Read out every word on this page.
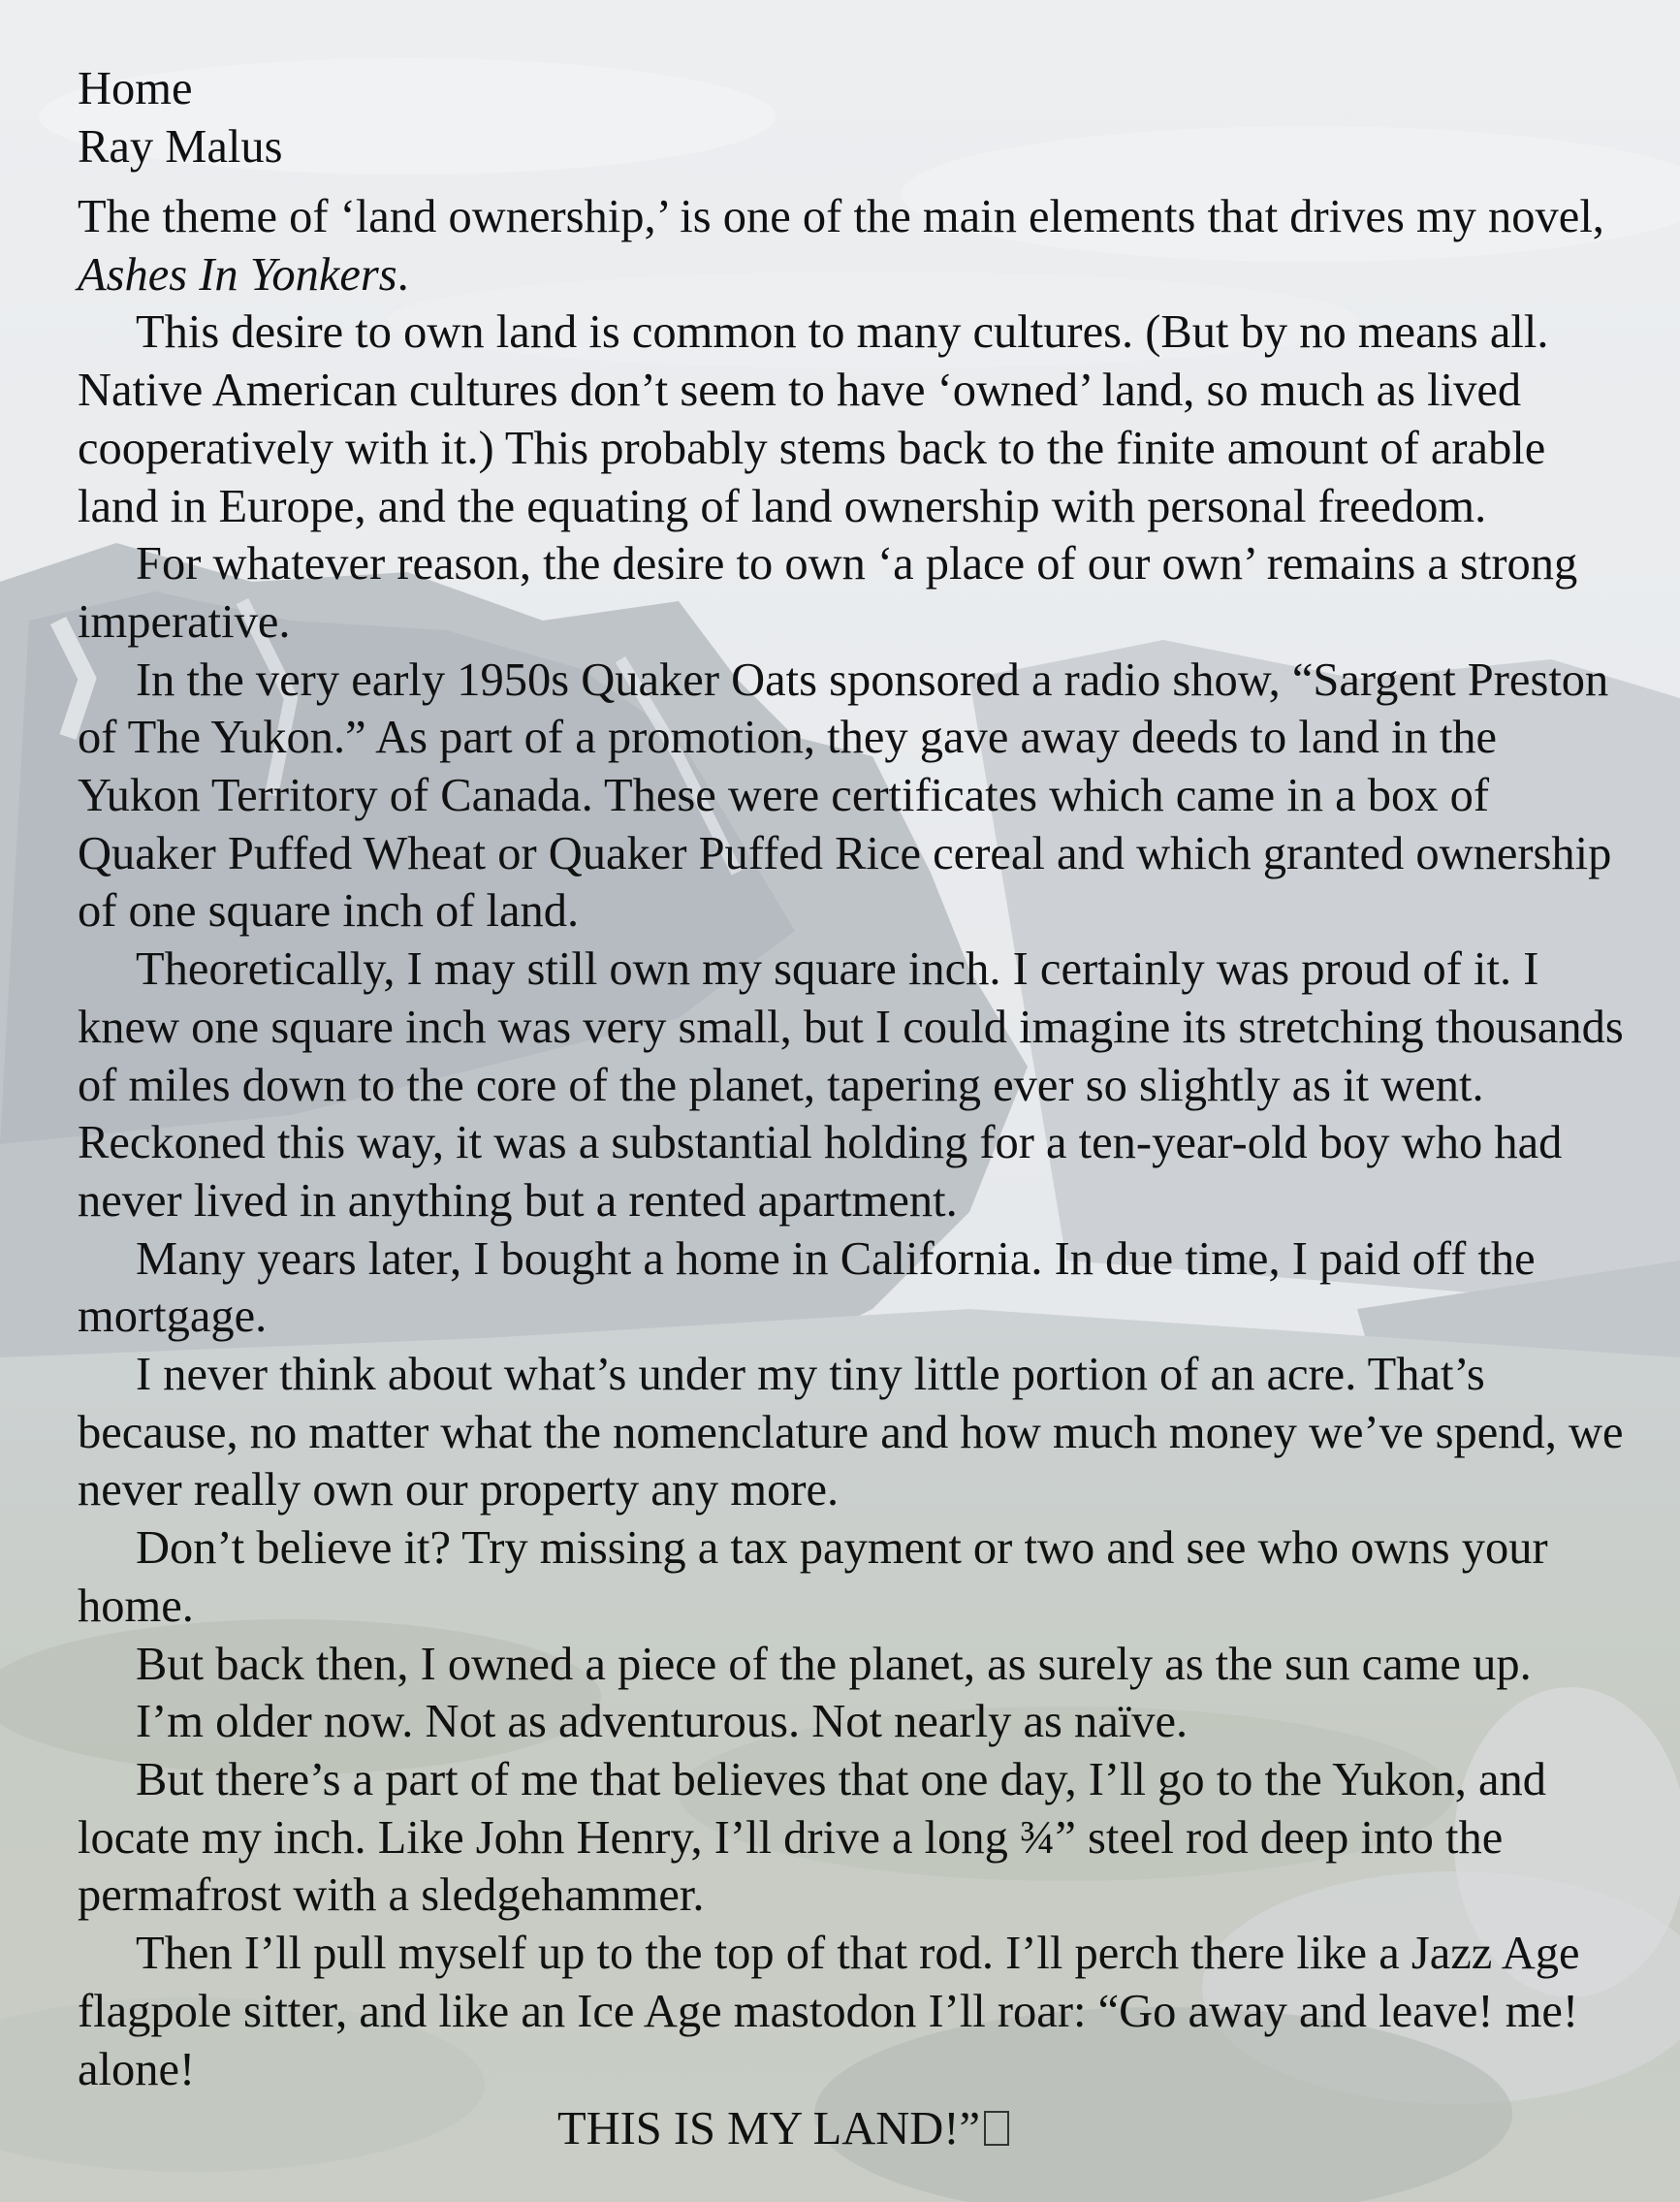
Home
Ray Malus

The theme of ‘land ownership,’ is one of the main elements that drives my novel, Ashes In Yonkers.

This desire to own land is common to many cultures. (But by no means all. Native American cultures don’t seem to have ‘owned’ land, so much as lived cooperatively with it.) This probably stems back to the finite amount of arable land in Europe, and the equating of land ownership with personal freedom.

For whatever reason, the desire to own ‘a place of our own’ remains a strong imperative.

In the very early 1950s Quaker Oats sponsored a radio show, “Sargent Preston of The Yukon.” As part of a promotion, they gave away deeds to land in the Yukon Territory of Canada. These were certificates which came in a box of Quaker Puffed Wheat or Quaker Puffed Rice cereal and which granted ownership of one square inch of land.

Theoretically, I may still own my square inch. I certainly was proud of it. I knew one square inch was very small, but I could imagine its stretching thousands of miles down to the core of the planet, tapering ever so slightly as it went. Reckoned this way, it was a substantial holding for a ten-year-old boy who had never lived in anything but a rented apartment.

Many years later, I bought a home in California. In due time, I paid off the mortgage.

I never think about what’s under my tiny little portion of an acre. That’s because, no matter what the nomenclature and how much money we’ve spend, we never really own our property any more.

Don’t believe it? Try missing a tax payment or two and see who owns your home.

But back then, I owned a piece of the planet, as surely as the sun came up.

I’m older now. Not as adventurous. Not nearly as naïve.

But there’s a part of me that believes that one day, I’ll go to the Yukon, and locate my inch. Like John Henry, I’ll drive a long ¾” steel rod deep into the permafrost with a sledgehammer.

Then I’ll pull myself up to the top of that rod. I’ll perch there like a Jazz Age flagpole sitter, and like an Ice Age mastodon I’ll roar: “Go away and leave! me! alone!

THIS IS MY LAND!”
